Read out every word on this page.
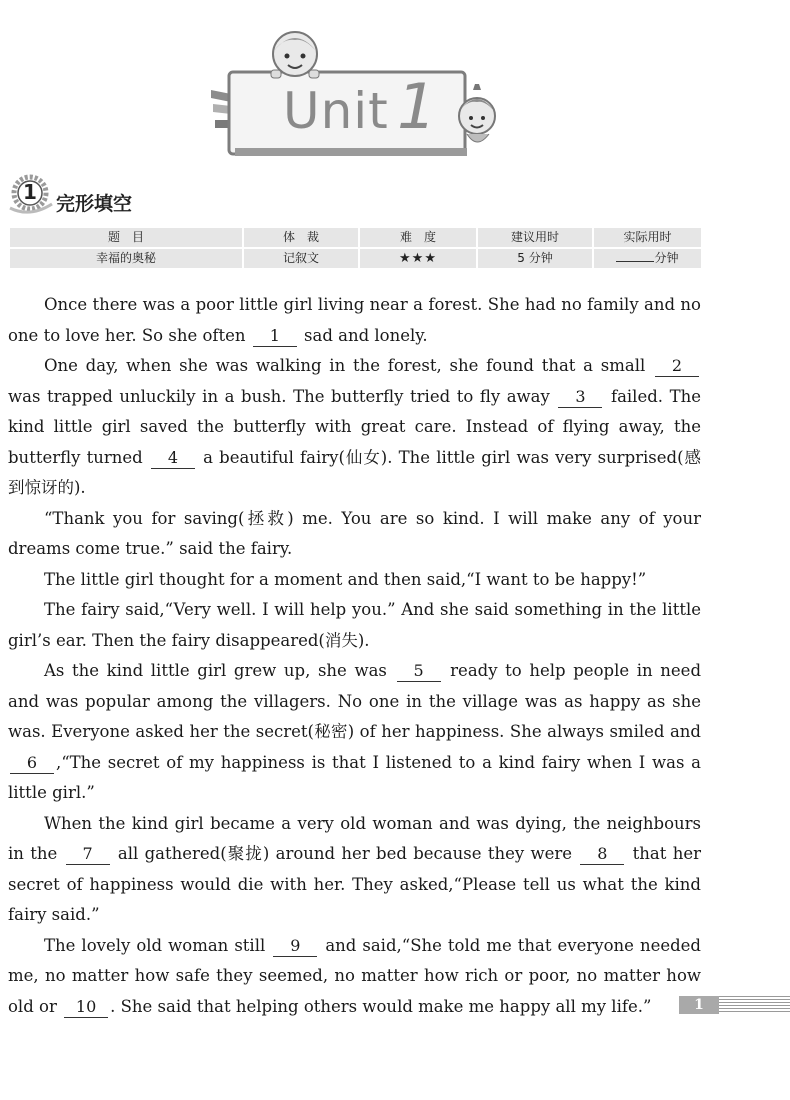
Unit 1
1 完形填空
题　目	体　裁	难　度	建议用时	实际用时
幸福的奥秘	记叙文	★★★	5 分钟	分钟

Once there was a poor little girl living near a forest. She had no family and no one to love her. So she often 1 sad and lonely.

One day, when she was walking in the forest, she found that a small 2 was trapped unluckily in a bush. The butterfly tried to fly away 3 failed. The kind little girl saved the butterfly with great care. Instead of flying away, the butterfly turned 4 a beautiful fairy(仙女). The little girl was very surprised(感到惊讶的).

“Thank you for saving(拯救) me. You are so kind. I will make any of your dreams come true.” said the fairy.

The little girl thought for a moment and then said,“I want to be happy!”

The fairy said,“Very well. I will help you.” And she said something in the little girl’s ear. Then the fairy disappeared(消失).

As the kind little girl grew up, she was 5 ready to help people in need and was popular among the villagers. No one in the village was as happy as she was. Everyone asked her the secret(秘密) of her happiness. She always smiled and 6 ,“The secret of my happiness is that I listened to a kind fairy when I was a little girl.”

When the kind girl became a very old woman and was dying, the neighbours in the 7 all gathered(聚拢) around her bed because they were 8 that her secret of happiness would die with her. They asked,“Please tell us what the kind fairy said.”

The lovely old woman still 9 and said,“She told me that everyone needed me, no matter how safe they seemed, no matter how rich or poor, no matter how old or 10 . She said that helping others would make me happy all my life.”	1
